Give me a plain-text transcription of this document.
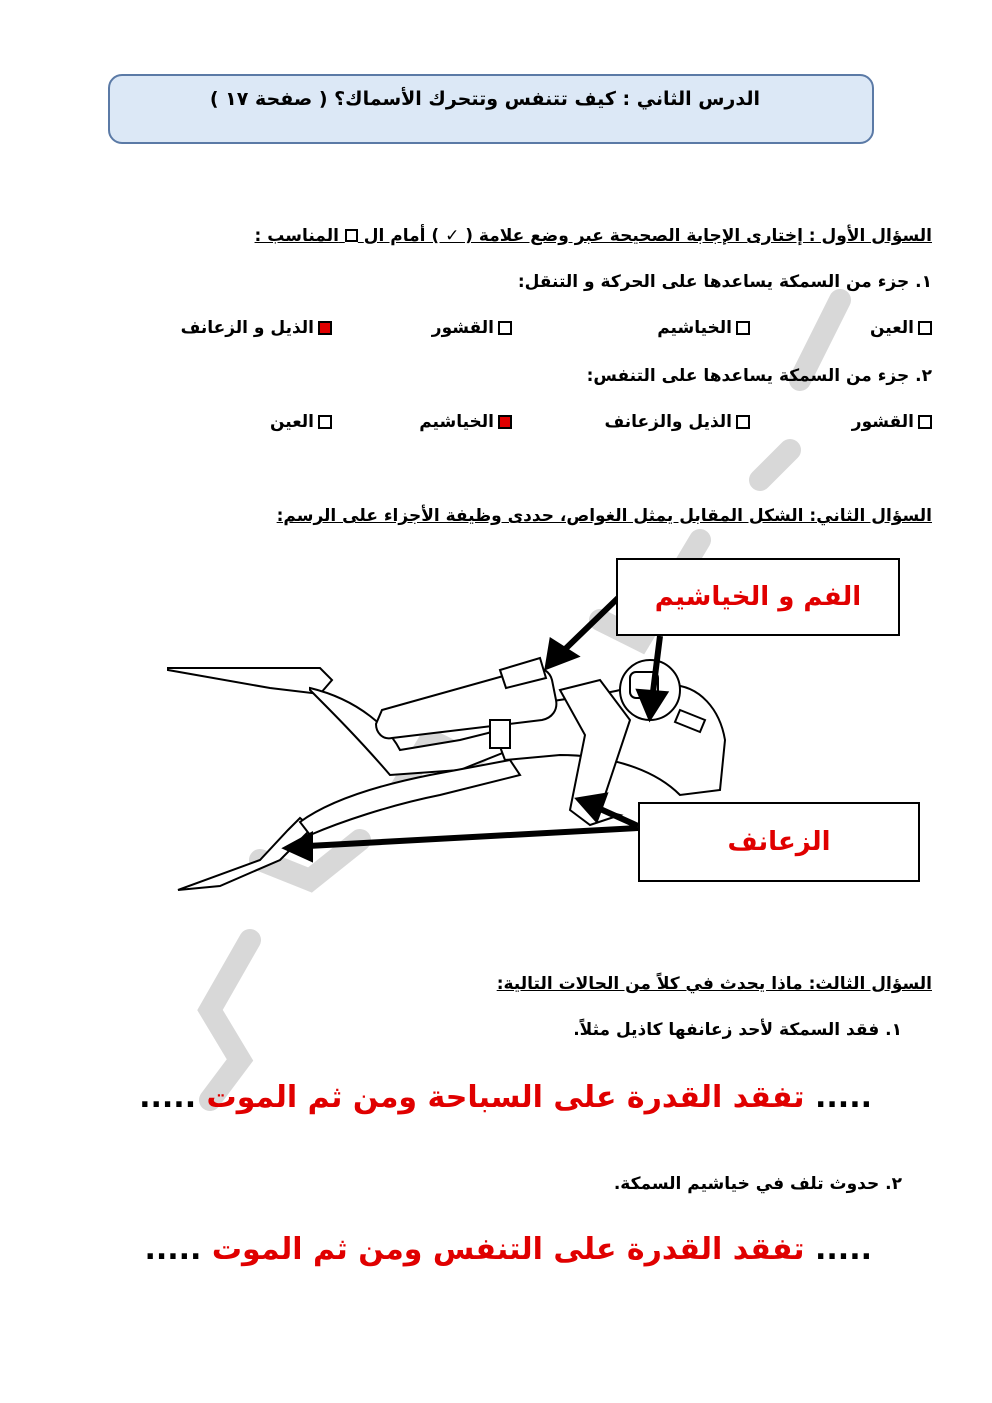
الدرس الثاني : كيف تتنفس وتتحرك الأسماك؟ ( صفحة ١٧ )
السؤال الأول : إختارى الإجابة الصحيحة عبر وضع علامة ( ✓ ) أمام ال  المناسب :
١. جزء من السمكة يساعدها على الحركة و التنقل:
العين
الخياشيم
القشور
الذيل و الزعانف
٢. جزء من السمكة يساعدها على التنفس:
القشور
الذيل والزعانف
الخياشيم
العين
السؤال الثاني: الشكل المقابل يمثل الغواص، حددى وظيفة الأجزاء على الرسم:
الفم و الخياشيم
الزعانف
السؤال الثالث: ماذا يحدث في كلاً من الحالات التالية:
١. فقد السمكة لأحد زعانفها كاذيل مثلاً.
..... تفقد القدرة على السباحة ومن ثم الموت .....
٢. حدوث تلف في خياشيم السمكة.
..... تفقد القدرة على التنفس ومن ثم الموت .....
